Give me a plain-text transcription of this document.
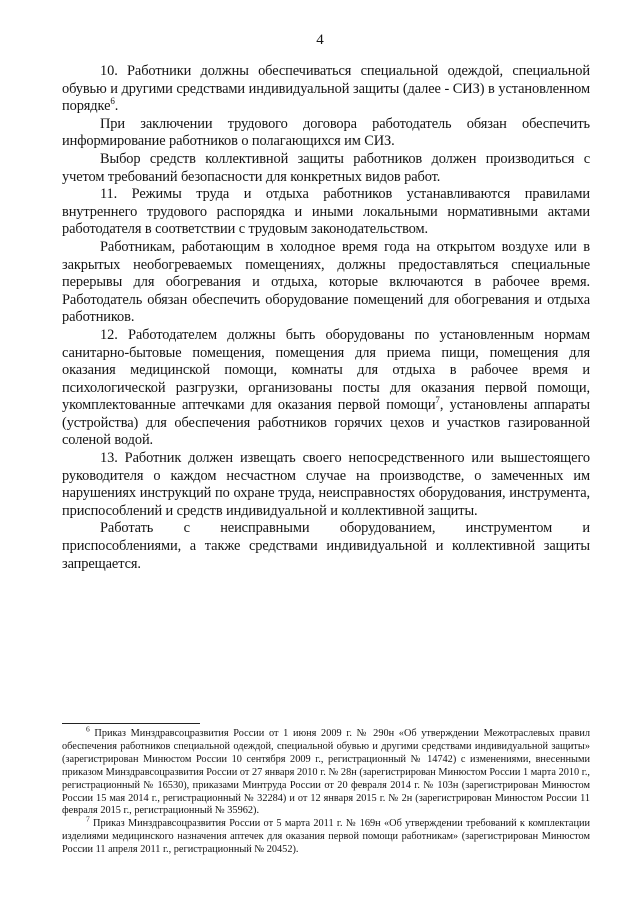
4

10. Работники должны обеспечиваться специальной одеждой, специальной обувью и другими средствами индивидуальной защиты (далее - СИЗ) в установленном порядке$^6$.

При заключении трудового договора работодатель обязан обеспечить информирование работников о полагающихся им СИЗ.

Выбор средств коллективной защиты работников должен производиться с учетом требований безопасности для конкретных видов работ.

11. Режимы труда и отдыха работников устанавливаются правилами внутреннего трудового распорядка и иными локальными нормативными актами работодателя в соответствии с трудовым законодательством.

Работникам, работающим в холодное время года на открытом воздухе или в закрытых необогреваемых помещениях, должны предоставляться специальные перерывы для обогревания и отдыха, которые включаются в рабочее время. Работодатель обязан обеспечить оборудование помещений для обогревания и отдыха работников.

12. Работодателем должны быть оборудованы по установленным нормам санитарно-бытовые помещения, помещения для приема пищи, помещения для оказания медицинской помощи, комнаты для отдыха в рабочее время и психологической разгрузки, организованы посты для оказания первой помощи, укомплектованные аптечками для оказания первой помощи$^7$, установлены аппараты (устройства) для обеспечения работников горячих цехов и участков газированной соленой водой.

13. Работник должен извещать своего непосредственного или вышестоящего руководителя о каждом несчастном случае на производстве, о замеченных им нарушениях инструкций по охране труда, неисправностях оборудования, инструмента, приспособлений и средств индивидуальной и коллективной защиты.

Работать с неисправными оборудованием, инструментом и приспособлениями, а также средствами индивидуальной и коллективной защиты запрещается.

$^6$ Приказ Минздравсоцразвития России от 1 июня 2009 г. № 290н «Об утверждении Межотраслевых правил обеспечения работников специальной одеждой, специальной обувью и другими средствами индивидуальной защиты» (зарегистрирован Минюстом России 10 сентября 2009 г., регистрационный № 14742) с изменениями, внесенными приказом Минздравсоцразвития России от 27 января 2010 г. № 28н (зарегистрирован Минюстом России 1 марта 2010 г., регистрационный № 16530), приказами Минтруда России от 20 февраля 2014 г. № 103н (зарегистрирован Минюстом России 15 мая 2014 г., регистрационный № 32284) и от 12 января 2015 г. № 2н (зарегистрирован Минюстом России 11 февраля 2015 г., регистрационный № 35962).

$^7$ Приказ Минздравсоцразвития России от 5 марта 2011 г. № 169н «Об утверждении требований к комплектации изделиями медицинского назначения аптечек для оказания первой помощи работникам» (зарегистрирован Минюстом России 11 апреля 2011 г., регистрационный № 20452).
